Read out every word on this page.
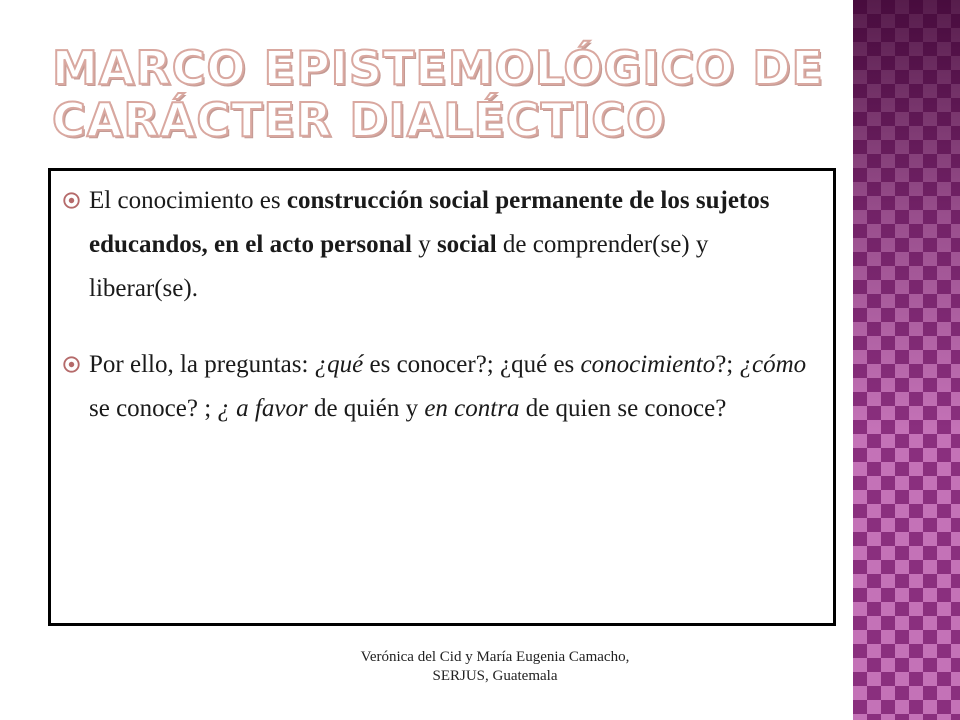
MARCO EPISTEMOLÓGICO DE
CARÁCTER DIALÉCTICO
El conocimiento es construcción social permanente de los sujetos educandos, en el acto personal y social de comprender(se) y liberar(se).
Por ello, la preguntas: ¿qué es conocer?; ¿qué es conocimiento?; ¿cómo se conoce? ; ¿ a favor de quién y en contra de quien se conoce?
Verónica del Cid y María Eugenia Camacho,
SERJUS, Guatemala
